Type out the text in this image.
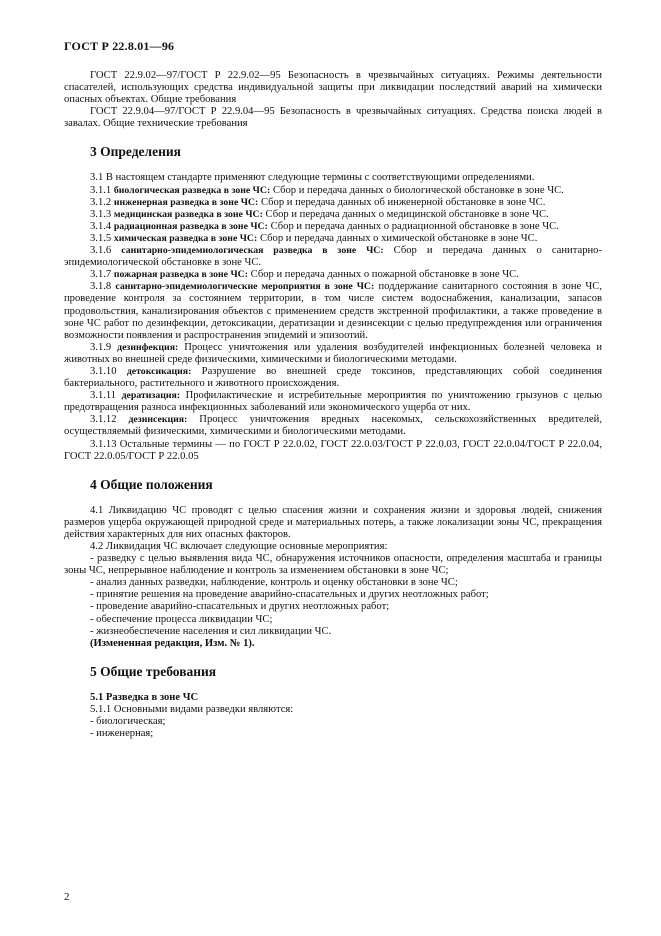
ГОСТ Р 22.8.01—96

ГОСТ 22.9.02—97/ГОСТ Р 22.9.02—95 Безопасность в чрезвычайных ситуациях. Режимы деятельности спасателей, использующих средства индивидуальной защиты при ликвидации последствий аварий на химически опасных объектах. Общие требования

ГОСТ 22.9.04—97/ГОСТ Р 22.9.04—95 Безопасность в чрезвычайных ситуациях. Средства поиска людей в завалах. Общие технические требования

3 Определения

3.1 В настоящем стандарте применяют следующие термины с соответствующими определениями.

3.1.1 биологическая разведка в зоне ЧС: Сбор и передача данных о биологической обстановке в зоне ЧС.

3.1.2 инженерная разведка в зоне ЧС: Сбор и передача данных об инженерной обстановке в зоне ЧС.

3.1.3 медицинская разведка в зоне ЧС: Сбор и передача данных о медицинской обстановке в зоне ЧС.

3.1.4 радиационная разведка в зоне ЧС: Сбор и передача данных о радиационной обстановке в зоне ЧС.

3.1.5 химическая разведка в зоне ЧС: Сбор и передача данных о химической обстановке в зоне ЧС.

3.1.6 санитарно-эпидемиологическая разведка в зоне ЧС: Сбор и передача данных о санитарно-эпидемиологической обстановке в зоне ЧС.

3.1.7 пожарная разведка в зоне ЧС: Сбор и передача данных о пожарной обстановке в зоне ЧС.

3.1.8 санитарно-эпидемиологические мероприятия в зоне ЧС: поддержание санитарного состояния в зоне ЧС, проведение контроля за состоянием территории, в том числе систем водоснабжения, канализации, запасов продовольствия, канализирования объектов с применением средств экстренной профилактики, а также проведение в зоне ЧС работ по дезинфекции, детоксикации, дератизации и дезинсекции с целью предупреждения или ограничения возможности появления и распространения эпидемий и эпизоотий.

3.1.9 дезинфекция: Процесс уничтожения или удаления возбудителей инфекционных болезней человека и животных во внешней среде физическими, химическими и биологическими методами.

3.1.10 детоксикация: Разрушение во внешней среде токсинов, представляющих собой соединения бактериального, растительного и животного происхождения.

3.1.11 дератизация: Профилактические и истребительные мероприятия по уничтожению грызунов с целью предотвращения разноса инфекционных заболеваний или экономического ущерба от них.

3.1.12 дезинсекция: Процесс уничтожения вредных насекомых, сельскохозяйственных вредителей, осуществляемый физическими, химическими и биологическими методами.

3.1.13 Остальные термины — по ГОСТ Р 22.0.02, ГОСТ 22.0.03/ГОСТ Р 22.0.03, ГОСТ 22.0.04/ГОСТ Р 22.0.04, ГОСТ 22.0.05/ГОСТ Р 22.0.05

4 Общие положения

4.1 Ликвидацию ЧС проводят с целью спасения жизни и сохранения жизни и здоровья людей, снижения размеров ущерба окружающей природной среде и материальных потерь, а также локализации зоны ЧС, прекращения действия характерных для них опасных факторов.

4.2 Ликвидация ЧС включает следующие основные мероприятия:

- разведку с целью выявления вида ЧС, обнаружения источников опасности, определения масштаба и границы зоны ЧС, непрерывное наблюдение и контроль за изменением обстановки в зоне ЧС;

- анализ данных разведки, наблюдение, контроль и оценку обстановки в зоне ЧС;

- принятие решения на проведение аварийно-спасательных и других неотложных работ;

- проведение аварийно-спасательных и других неотложных работ;

- обеспечение процесса ликвидации ЧС;

- жизнеобеспечение населения и сил ликвидации ЧС.

(Измененная редакция, Изм. № 1).

5 Общие требования

5.1 Разведка в зоне ЧС

5.1.1 Основными видами разведки являются:

- биологическая;

- инженерная;

2
